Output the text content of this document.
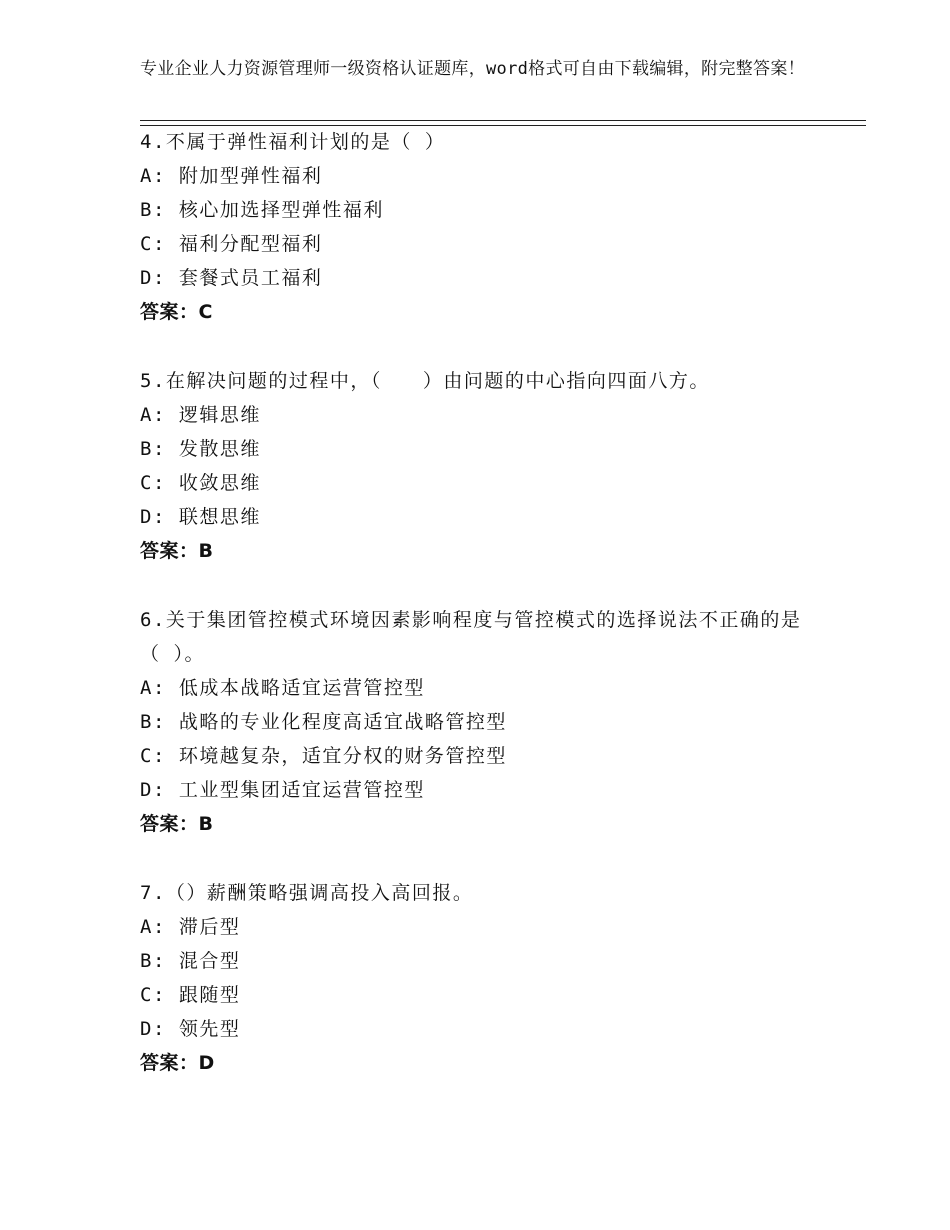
专业企业人力资源管理师一级资格认证题库，word格式可自由下载编辑，附完整答案！
4.不属于弹性福利计划的是（ ）
A: 附加型弹性福利
B: 核心加选择型弹性福利
C: 福利分配型福利
D: 套餐式员工福利
答案：C
5.在解决问题的过程中，（　　）由问题的中心指向四面八方。
A: 逻辑思维
B: 发散思维
C: 收敛思维
D: 联想思维
答案：B
6.关于集团管控模式环境因素影响程度与管控模式的选择说法不正确的是（ ）。
A: 低成本战略适宜运营管控型
B: 战略的专业化程度高适宜战略管控型
C: 环境越复杂，适宜分权的财务管控型
D: 工业型集团适宜运营管控型
答案：B
7.（）薪酬策略强调高投入高回报。
A: 滞后型
B: 混合型
C: 跟随型
D: 领先型
答案：D
